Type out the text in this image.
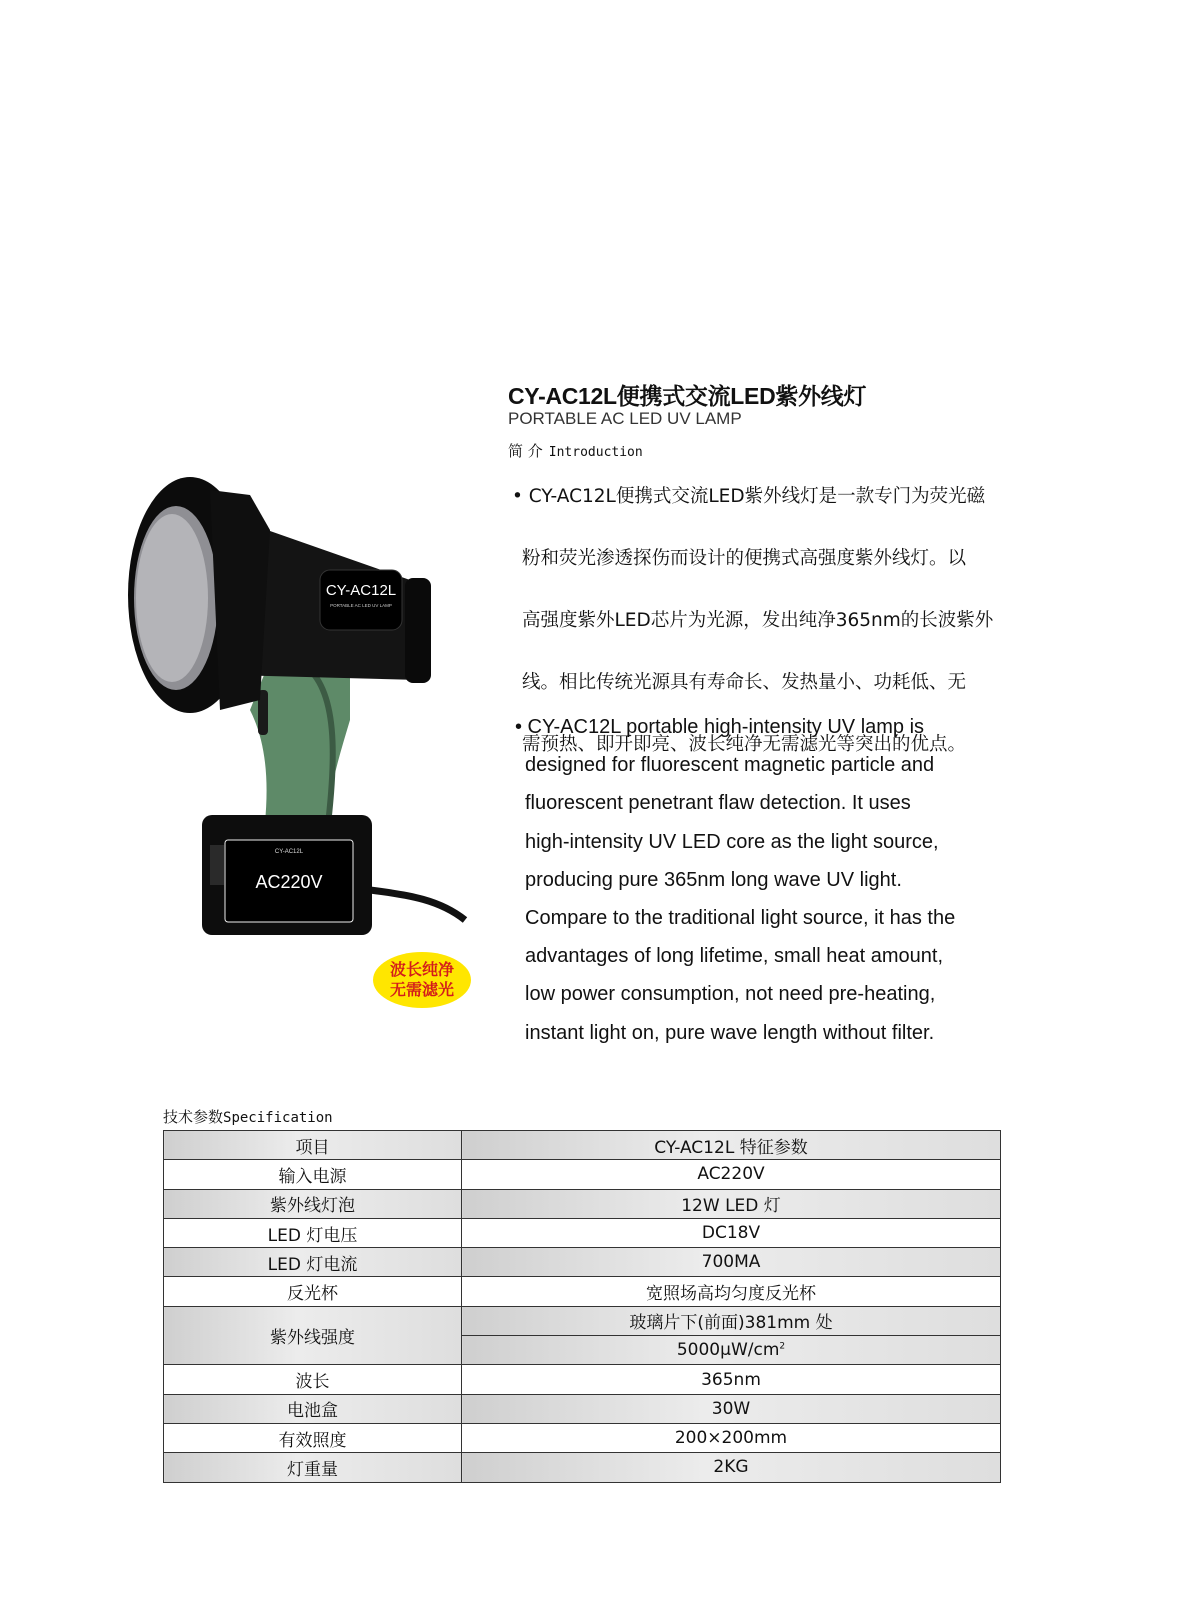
CY-AC12L便携式交流LED紫外线灯
PORTABLE AC LED UV LAMP
简 介 Introduction
• CY-AC12L便携式交流LED紫外线灯是一款专门为荧光磁
粉和荧光渗透探伤而设计的便携式高强度紫外线灯。以
高强度紫外LED芯片为光源，发出纯净365nm的长波紫外
线。相比传统光源具有寿命长、发热量小、功耗低、无
需预热、即开即亮、波长纯净无需滤光等突出的优点。
• CY-AC12L portable high-intensity UV lamp is
designed for fluorescent magnetic particle and
fluorescent penetrant flaw detection. It uses
high-intensity UV LED core as the light source,
producing pure 365nm long wave UV light.
Compare to the traditional light source, it has the
advantages of long lifetime, small heat amount,
low power consumption, not need pre-heating,
instant light on, pure wave length without filter.
CY-AC12L
PORTABLE AC LED UV LAMP
CY-AC12L
AC220V
波长纯净
无需滤光
技术参数Specification
项目	CY-AC12L 特征参数
输入电源	AC220V
紫外线灯泡	12W LED 灯
LED 灯电压	DC18V
LED 灯电流	700MA
反光杯	宽照场高均匀度反光杯
紫外线强度	玻璃片下(前面)381mm 处
	$5000\mu W/cm^2$
波长	365nm
电池盒	30W
有效照度	200×200mm
灯重量	2KG
